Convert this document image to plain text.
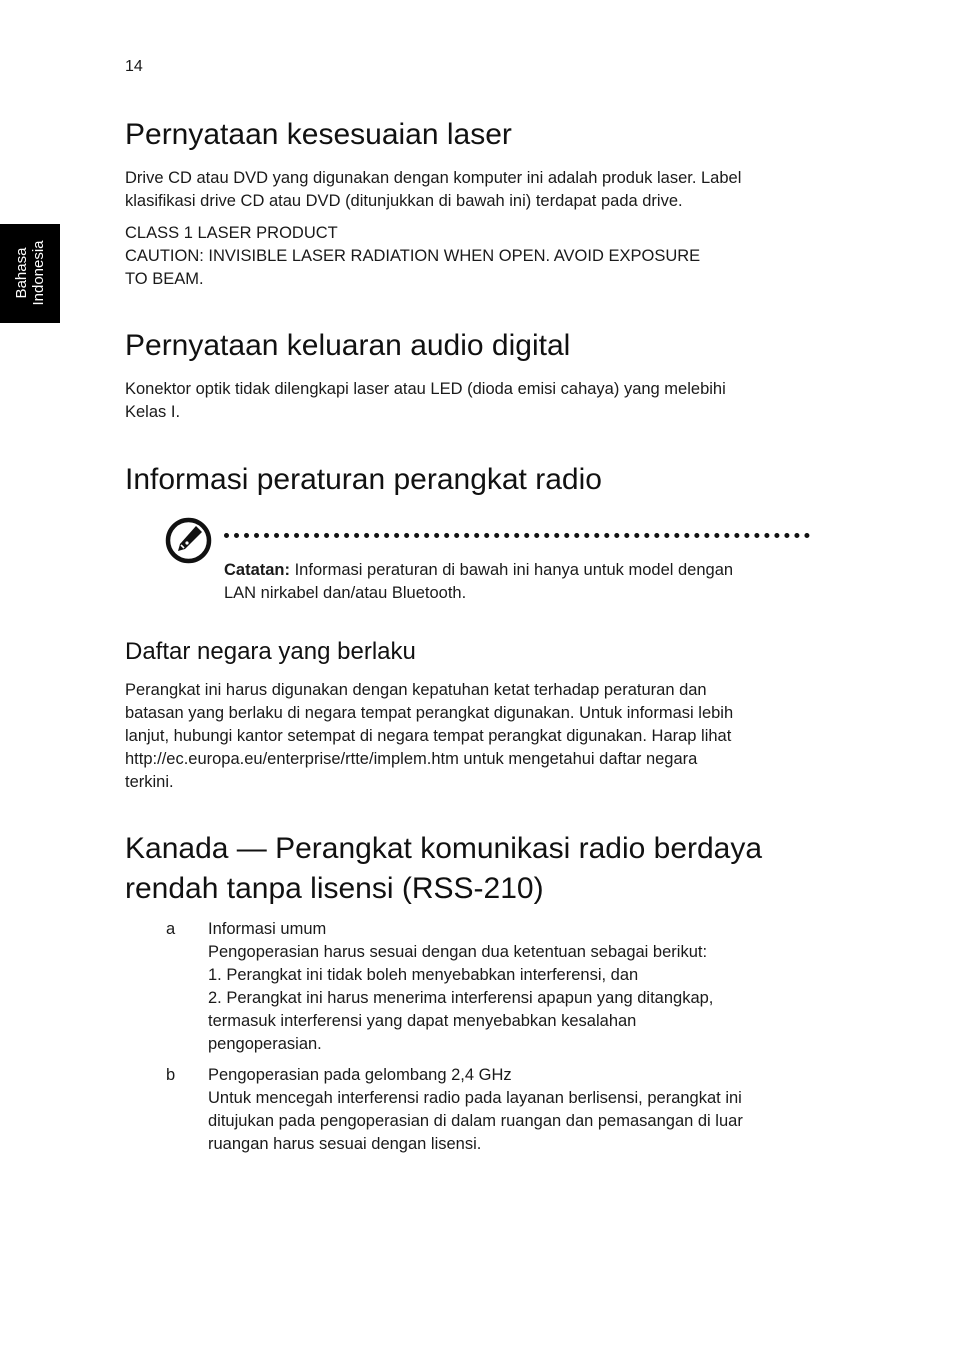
14
Bahasa Indonesia
Pernyataan kesesuaian laser

Drive CD atau DVD yang digunakan dengan komputer ini adalah produk laser. Label
klasifikasi drive CD atau DVD (ditunjukkan di bawah ini) terdapat pada drive.

CLASS 1 LASER PRODUCT
CAUTION: INVISIBLE LASER RADIATION WHEN OPEN. AVOID EXPOSURE
TO BEAM.

Pernyataan keluaran audio digital

Konektor optik tidak dilengkapi laser atau LED (dioda emisi cahaya) yang melebihi
Kelas I.

Informasi peraturan perangkat radio

Catatan: Informasi peraturan di bawah ini hanya untuk model dengan
LAN nirkabel dan/atau Bluetooth.

Daftar negara yang berlaku

Perangkat ini harus digunakan dengan kepatuhan ketat terhadap peraturan dan
batasan yang berlaku di negara tempat perangkat digunakan. Untuk informasi lebih
lanjut, hubungi kantor setempat di negara tempat perangkat digunakan. Harap lihat
http://ec.europa.eu/enterprise/rtte/implem.htm untuk mengetahui daftar negara
terkini.

Kanada — Perangkat komunikasi radio berdaya
rendah tanpa lisensi (RSS-210)
a Informasi umum
Pengoperasian harus sesuai dengan dua ketentuan sebagai berikut:
1. Perangkat ini tidak boleh menyebabkan interferensi, dan
2. Perangkat ini harus menerima interferensi apapun yang ditangkap,
termasuk interferensi yang dapat menyebabkan kesalahan
pengoperasian.
b Pengoperasian pada gelombang 2,4 GHz
Untuk mencegah interferensi radio pada layanan berlisensi, perangkat ini
ditujukan pada pengoperasian di dalam ruangan dan pemasangan di luar
ruangan harus sesuai dengan lisensi.
